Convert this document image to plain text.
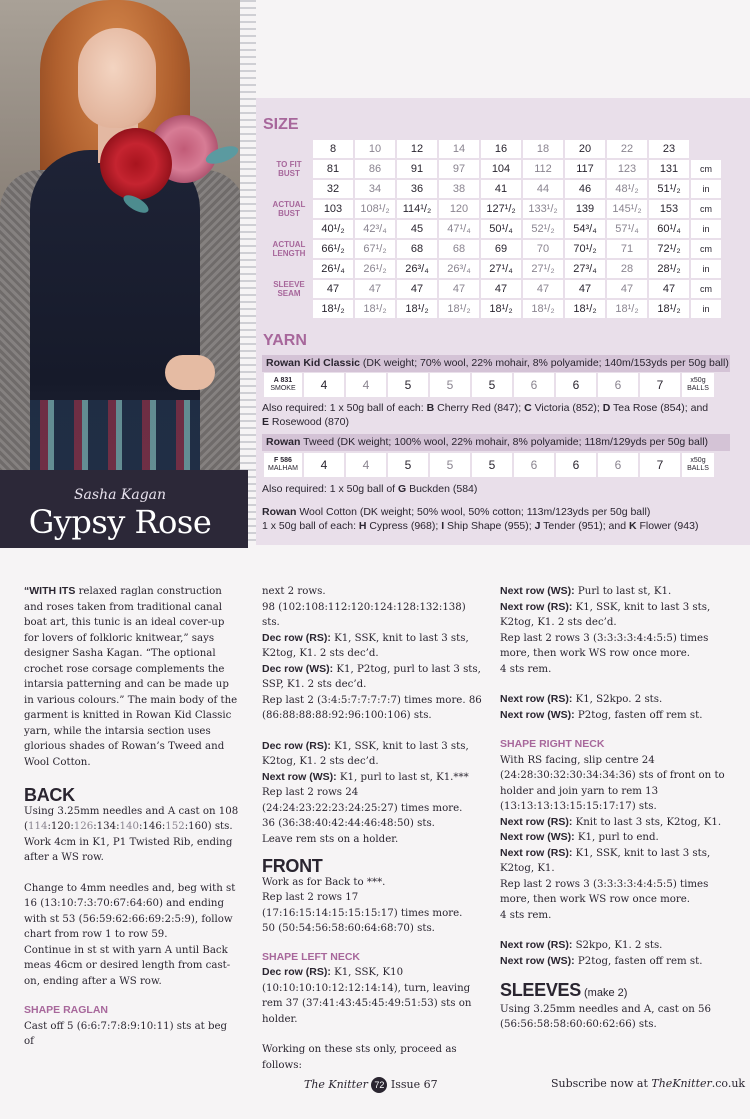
Sasha Kagan
Gypsy Rose
SIZE
	8	10	12	14	16	18	20	22	23	
TO FIT BUST	81	86	91	97	104	112	117	123	131	cm
	32	34	36	38	41	44	46	48¹/₂	51¹/₂	in
ACTUAL BUST	103	108¹/₂	114¹/₂	120	127¹/₂	133¹/₂	139	145¹/₂	153	cm
	40¹/₂	42³/₄	45	47¹/₄	50¹/₄	52¹/₂	54³/₄	57¹/₄	60¹/₄	in
ACTUAL LENGTH	66¹/₂	67¹/₂	68	68	69	70	70¹/₂	71	72¹/₂	cm
	26¹/₄	26¹/₂	26³/₄	26³/₄	27¹/₄	27¹/₂	27³/₄	28	28¹/₂	in
SLEEVE SEAM	47	47	47	47	47	47	47	47	47	cm
	18¹/₂	18¹/₂	18¹/₂	18¹/₂	18¹/₂	18¹/₂	18¹/₂	18¹/₂	18¹/₂	in
YARN
Rowan Kid Classic (DK weight; 70% wool, 22% mohair, 8% polyamide; 140m/153yds per 50g ball)
A 831
SMOKE	4	4	5	5	5	6	6	6	7	x50g
BALLS
Also required: 1 x 50g ball of each: B Cherry Red (847); C Victoria (852); D Tea Rose (854); and
E Rosewood (870)
Rowan Tweed (DK weight; 100% wool, 22% mohair, 8% polyamide; 118m/129yds per 50g ball)
F 586
MALHAM	4	4	5	5	5	6	6	6	7	x50g
BALLS
Also required: 1 x 50g ball of G Buckden (584)
Rowan Wool Cotton (DK weight; 50% wool, 50% cotton; 113m/123yds per 50g ball)
1 x 50g ball of each: H Cypress (968); I Ship Shape (955); J Tender (951); and K Flower (943)

“WITH ITS relaxed raglan construction and roses taken from traditional canal boat art, this tunic is an ideal cover-up for lovers of folkloric knitwear,” says designer Sasha Kagan. “The optional crochet rose corsage complements the intarsia patterning and can be made up in various colours.” The main body of the garment is knitted in Rowan Kid Classic yarn, while the intarsia section uses glorious shades of Rowan’s Tweed and Wool Cotton.

BACK

Using 3.25mm needles and A cast on 108 (114:120:126:134:140:146:152:160) sts. Work 4cm in K1, P1 Twisted Rib, ending after a WS row.

Change to 4mm needles and, beg with st 16 (13:10:7:3:70:67:64:60) and ending with st 53 (56:59:62:66:69:2:5:9), follow chart from row 1 to row 59.

Continue in st st with yarn A until Back meas 46cm or desired length from cast-on, ending after a WS row.

SHAPE RAGLAN

Cast off 5 (6:6:7:7:8:9:10:11) sts at beg of

next 2 rows.

98 (102:108:112:120:124:128:132:138) sts.

Dec row (RS): K1, SSK, knit to last 3 sts, K2tog, K1. 2 sts dec’d.

Dec row (WS): K1, P2tog, purl to last 3 sts, SSP, K1. 2 sts dec’d.

Rep last 2 (3:4:5:7:7:7:7:7) times more. 86 (86:88:88:88:92:96:100:106) sts.

Dec row (RS): K1, SSK, knit to last 3 sts, K2tog, K1. 2 sts dec’d.

Next row (WS): K1, purl to last st, K1.***

Rep last 2 rows 24 (24:24:23:22:23:24:25:27) times more.

36 (36:38:40:42:44:46:48:50) sts.

Leave rem sts on a holder.

FRONT

Work as for Back to ***.

Rep last 2 rows 17 (17:16:15:14:15:15:15:17) times more.

50 (50:54:56:58:60:64:68:70) sts.

SHAPE LEFT NECK

Dec row (RS): K1, SSK, K10 (10:10:10:10:12:12:14:14), turn, leaving rem 37 (37:41:43:45:45:49:51:53) sts on holder.

Working on these sts only, proceed as follows:

Next row (WS): Purl to last st, K1.

Next row (RS): K1, SSK, knit to last 3 sts, K2tog, K1. 2 sts dec’d.

Rep last 2 rows 3 (3:3:3:3:4:4:5:5) times more, then work WS row once more.

4 sts rem.

Next row (RS): K1, S2kpo. 2 sts.

Next row (WS): P2tog, fasten off rem st.

SHAPE RIGHT NECK

With RS facing, slip centre 24 (24:28:30:32:30:34:34:36) sts of front on to holder and join yarn to rem 13 (13:13:13:13:15:15:17:17) sts.

Next row (RS): Knit to last 3 sts, K2tog, K1.

Next row (WS): K1, purl to end.

Next row (RS): K1, SSK, knit to last 3 sts, K2tog, K1.

Rep last 2 rows 3 (3:3:3:3:4:4:5:5) times more, then work WS row once more.

4 sts rem.

Next row (RS): S2kpo, K1. 2 sts.

Next row (WS): P2tog, fasten off rem st.

SLEEVES (make 2)

Using 3.25mm needles and A, cast on 56 (56:56:58:58:60:60:62:66) sts.

The Knitter 72 Issue 67	Subscribe now at TheKnitter.co.uk
